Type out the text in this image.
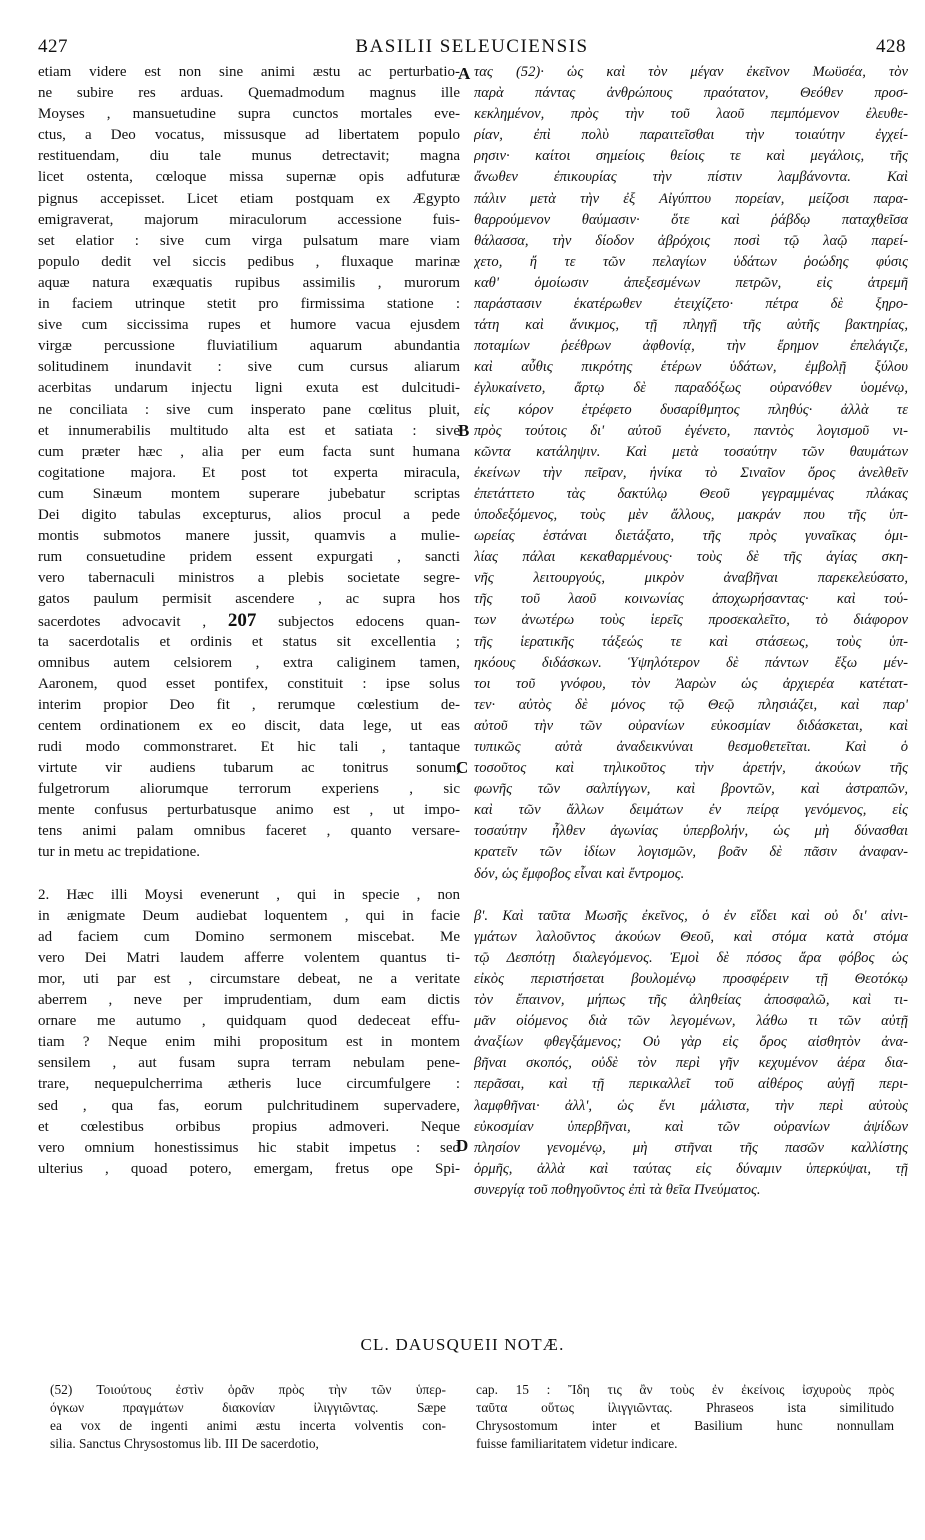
427	BASILII SELEUCIENSIS	428
etiam videre est non sine animi æstu ac perturbatio-
ne subire res arduas. Quemadmodum magnus ille
Moyses , mansuetudine supra cunctos mortales eve-
ctus, a Deo vocatus, missusque ad libertatem populo
restituendam, diu tale munus detrectavit; magna
licet ostenta, cœloque missa supernæ opis adfuturæ
pignus accepisset. Licet etiam postquam ex Ægypto
emigraverat, majorum miraculorum accessione fuis-
set elatior : sive cum virga pulsatum mare viam
populo dedit vel siccis pedibus , fluxaque marinæ
aquæ natura exæquatis rupibus assimilis , murorum
in faciem utrinque stetit pro firmissima statione :
sive cum siccissima rupes et humore vacua ejusdem
virgæ percussione fluviatilium aquarum abundantia
solitudinem inundavit : sive cum cursus aliarum
acerbitas undarum injectu ligni exuta est dulcitudi-
ne conciliata : sive cum insperato pane cœlitus pluit,
et innumerabilis multitudo alta est et satiata : sive
cum præter hæc , alia per eum facta sunt humana
cogitatione majora. Et post tot experta miracula,
cum Sinæum montem superare jubebatur scriptas
Dei digito tabulas excepturus, alios procul a pede
montis submotos manere jussit, quamvis a mulie-
rum consuetudine pridem essent expurgati , sancti
vero tabernaculi ministros a plebis societate segre-
gatos paulum permisit ascendere , ac supra hos
sacerdotes advocavit , 207 subjectos edocens quan-
ta sacerdotalis et ordinis et status sit excellentia ;
omnibus autem celsiorem , extra caliginem tamen,
Aaronem, quod esset pontifex, constituit : ipse solus
interim propior Deo fit , rerumque cœlestium de-
centem ordinationem ex eo discit, data lege, ut eas
rudi modo commonstraret. Et hic tali , tantaque
virtute vir audiens tubarum ac tonitrus sonum,
fulgetrorum aliorumque terrorum experiens , sic
mente confusus perturbatusque animo est , ut impo-
tens animi palam omnibus faceret , quanto versare-
tur in metu ac trepidatione.
2. Hæc illi Moysi evenerunt , qui in specie , non
in ænigmate Deum audiebat loquentem , qui in facie
ad faciem cum Domino sermonem miscebat. Me
vero Dei Matri laudem afferre volentem quantus ti-
mor, uti par est , circumstare debeat, ne a veritate
aberrem , neve per imprudentiam, dum eam dictis
ornare me autumo , quidquam quod dedeceat effu-
tiam ? Neque enim mihi propositum est in montem
sensilem , aut fusam supra terram nebulam pene-
trare, nequepulcherrima ætheris luce circumfulgere :
sed , qua fas, eorum pulchritudinem supervadere,
et cœlestibus orbibus propius admoveri. Neque
vero omnium honestissimus hic stabit impetus : sed
ulterius , quoad potero, emergam, fretus ope Spi-
τας (52)· ὡς καὶ τὸν μέγαν ἐκεῖνον Μωϋσέα, τὸν
παρὰ πάντας ἀνθρώπους πραότατον, Θεόθεν προσ-
κεκλημένον, πρὸς τὴν τοῦ λαοῦ πεμπόμενον ἐλευθε-
ρίαν, ἐπὶ πολὺ παραιτεῖσθαι τὴν τοιαύτην ἐγχεί-
ρησιν· καίτοι σημείοις θείοις τε καὶ μεγάλοις, τῆς
ἄνωθεν ἐπικουρίας τὴν πίστιν λαμβάνοντα. Καὶ
πάλιν μετὰ τὴν ἐξ Αἰγύπτου πορείαν, μείζοσι παρα-
θαρρούμενον θαύμασιν· ὅτε καὶ ῥάβδῳ παταχθεῖσα
θάλασσα, τὴν δίοδον ἀβρόχοις ποσὶ τῷ λαῷ παρεί-
χετο, ἤ τε τῶν πελαγίων ὑδάτων ῥοώδης φύσις
καθ' ὁμοίωσιν ἀπεξεσμένων πετρῶν, εἰς ἀτρεμῆ
παράστασιν ἑκατέρωθεν ἐτειχίζετο· πέτρα δὲ ξηρο-
τάτη καὶ ἄνικμος, τῇ πληγῇ τῆς αὐτῆς βακτηρίας,
ποταμίων ῥεέθρων ἀφθονίᾳ, τὴν ἔρημον ἐπελάγιζε,
καὶ αὖθις πικρότης ἑτέρων ὑδάτων, ἐμβολῇ ξύλου
ἐγλυκαίνετο, ἄρτῳ δὲ παραδόξως οὐρανόθεν ὑομένῳ,
εἰς κόρον ἐτρέφετο δυσαρίθμητος πληθύς· ἀλλὰ τε
πρὸς τούτοις δι' αὐτοῦ ἐγένετο, παντὸς λογισμοῦ νι-
κῶντα κατάληψιν. Καὶ μετὰ τοσαύτην τῶν θαυμάτων
ἐκείνων τὴν πεῖραν, ἡνίκα τὸ Σιναῖον ὄρος ἀνελθεῖν
ἐπετάττετο τὰς δακτύλῳ Θεοῦ γεγραμμένας πλάκας
ὑποδεξόμενος, τοὺς μὲν ἄλλους, μακράν που τῆς ὑπ-
ωρείας ἑστάναι διετάξατο, τῆς πρὸς γυναῖκας ὁμι-
λίας πάλαι κεκαθαρμένους· τοὺς δὲ τῆς ἁγίας σκη-
νῆς λειτουργούς, μικρὸν ἀναβῆναι παρεκελεύσατο,
τῆς τοῦ λαοῦ κοινωνίας ἀποχωρήσαντας· καὶ τού-
των ἀνωτέρω τοὺς ἱερεῖς προσεκαλεῖτο, τὸ διάφορον
τῆς ἱερατικῆς τάξεώς τε καὶ στάσεως, τοὺς ὑπ-
ηκόους διδάσκων. Ὑψηλότερον δὲ πάντων ἔξω μέν-
τοι τοῦ γνόφου, τὸν Ἀαρὼν ὡς ἀρχιερέα κατέτατ-
τεν· αὐτὸς δὲ μόνος τῷ Θεῷ πλησιάζει, καὶ παρ'
αὐτοῦ τὴν τῶν οὐρανίων εὐκοσμίαν διδάσκεται, καὶ
τυπικῶς αὐτὰ ἀναδεικνύναι θεσμοθετεῖται. Καὶ ὁ
τοσοῦτος καὶ τηλικοῦτος τὴν ἀρετήν, ἀκούων τῆς
φωνῆς τῶν σαλπίγγων, καὶ βροντῶν, καὶ ἀστραπῶν,
καὶ τῶν ἄλλων δειμάτων ἐν πείρᾳ γενόμενος, εἰς
τοσαύτην ἦλθεν ἀγωνίας ὑπερβολήν, ὡς μὴ δύνασθαι
κρατεῖν τῶν ἰδίων λογισμῶν, βοᾶν δὲ πᾶσιν ἀναφαν-
δόν, ὡς ἔμφοβος εἶναι καὶ ἔντρομος.
β'. Καὶ ταῦτα Μωσῆς ἐκεῖνος, ὁ ἐν εἴδει καὶ οὐ δι' αἰνι-
γμάτων λαλοῦντος ἀκούων Θεοῦ, καὶ στόμα κατὰ στόμα
τῷ Δεσπότῃ διαλεγόμενος. Ἐμοὶ δὲ πόσος ἄρα φόβος ὡς
εἰκὸς περιστήσεται βουλομένῳ προσφέρειν τῇ Θεοτόκῳ
τὸν ἔπαινον, μήπως τῆς ἀληθείας ἀποσφαλῶ, καὶ τι-
μᾶν οἰόμενος διὰ τῶν λεγομένων, λάθω τι τῶν αὐτῇ
ἀναξίων φθεγξάμενος; Οὐ γὰρ εἰς ὄρος αἰσθητὸν ἀνα-
βῆναι σκοπός, οὐδὲ τὸν περὶ γῆν κεχυμένον ἀέρα δια-
περᾶσαι, καὶ τῇ περικαλλεῖ τοῦ αἰθέρος αὐγῇ περι-
λαμφθῆναι· ἀλλ', ὡς ἔνι μάλιστα, τὴν περὶ αὐτοὺς
εὐκοσμίαν ὑπερβῆναι, καὶ τῶν οὐρανίων ἀψίδων
πλησίον γενομένῳ, μὴ στῆναι τῆς πασῶν καλλίστης
ὁρμῆς, ἀλλὰ καὶ ταύτας εἰς δύναμιν ὑπερκύψαι, τῇ
συνεργίᾳ τοῦ ποθηγοῦντος ἐπὶ τὰ θεῖα Πνεύματος.
A
B
C
D
CL. DAUSQUEII NOTÆ.
(52) Τοιούτους ἐστὶν ὁρᾶν πρὸς τὴν τῶν ὑπερ-
όγκων πραγμάτων διακονίαν ἰλιγγιῶντας. Sæpe
ea vox de ingenti animi æstu incerta volventis con-
silia. Sanctus Chrysostomus lib. III De sacerdotio,
cap. 15 : Ἴδη τις ἂν τοὺς ἐν ἐκείνοις ἰσχυροὺς πρὸς
ταῦτα οὕτως ἰλιγγιῶντας. Phraseos ista similitudo
Chrysostomum inter et Basilium hunc nonnullam
fuisse familiaritatem videtur indicare.
